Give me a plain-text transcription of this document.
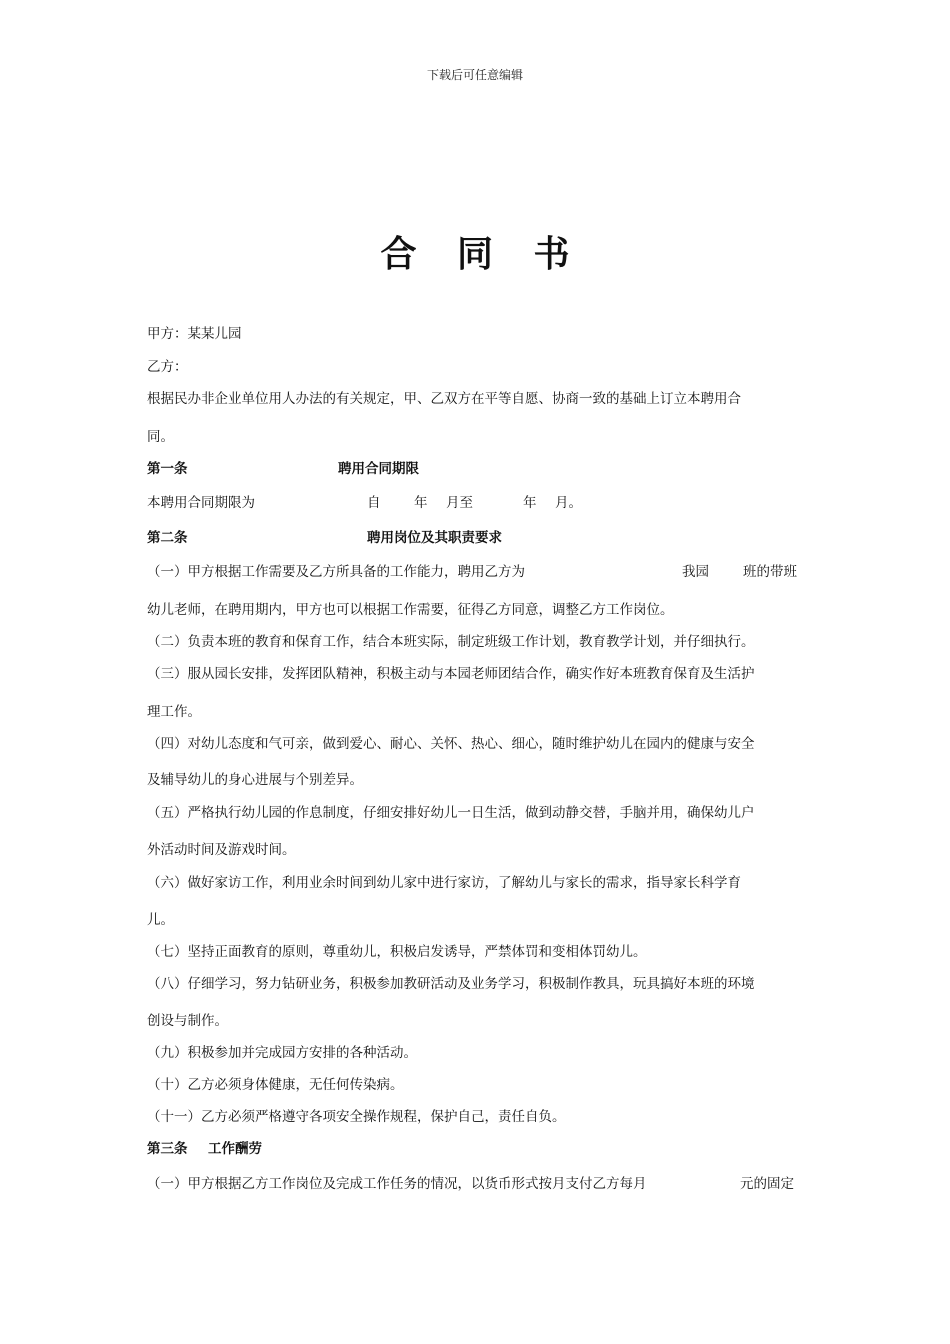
下载后可任意编辑
合 同 书
甲方：某某儿园
乙方：
根据民办非企业单位用人办法的有关规定，甲、乙双方在平等自愿、协商一致的基础上订立本聘用合
同。
第一条	聘用合同期限
本聘用合同期限为	自 年 月至	年 月。
第二条	聘用岗位及其职责要求
（一）甲方根据工作需要及乙方所具备的工作能力，聘用乙方为	我园	班的带班
幼儿老师，在聘用期内，甲方也可以根据工作需要，征得乙方同意，调整乙方工作岗位。
（二）负责本班的教育和保育工作，结合本班实际，制定班级工作计划，教育教学计划，并仔细执行。
（三）服从园长安排，发挥团队精神，积极主动与本园老师团结合作，确实作好本班教育保育及生活护
理工作。
（四）对幼儿态度和气可亲，做到爱心、耐心、关怀、热心、细心，随时维护幼儿在园内的健康与安全
及辅导幼儿的身心进展与个别差异。
（五）严格执行幼儿园的作息制度，仔细安排好幼儿一日生活，做到动静交替，手脑并用，确保幼儿户
外活动时间及游戏时间。
（六）做好家访工作，利用业余时间到幼儿家中进行家访，了解幼儿与家长的需求，指导家长科学育
儿。
（七）坚持正面教育的原则，尊重幼儿，积极启发诱导，严禁体罚和变相体罚幼儿。
（八）仔细学习，努力钻研业务，积极参加教研活动及业务学习，积极制作教具，玩具搞好本班的环境
创设与制作。
（九）积极参加并完成园方安排的各种活动。
（十）乙方必须身体健康，无任何传染病。
（十一）乙方必须严格遵守各项安全操作规程，保护自己，责任自负。
第三条 工作酬劳
（一）甲方根据乙方工作岗位及完成工作任务的情况，以货币形式按月支付乙方每月	元的固定
